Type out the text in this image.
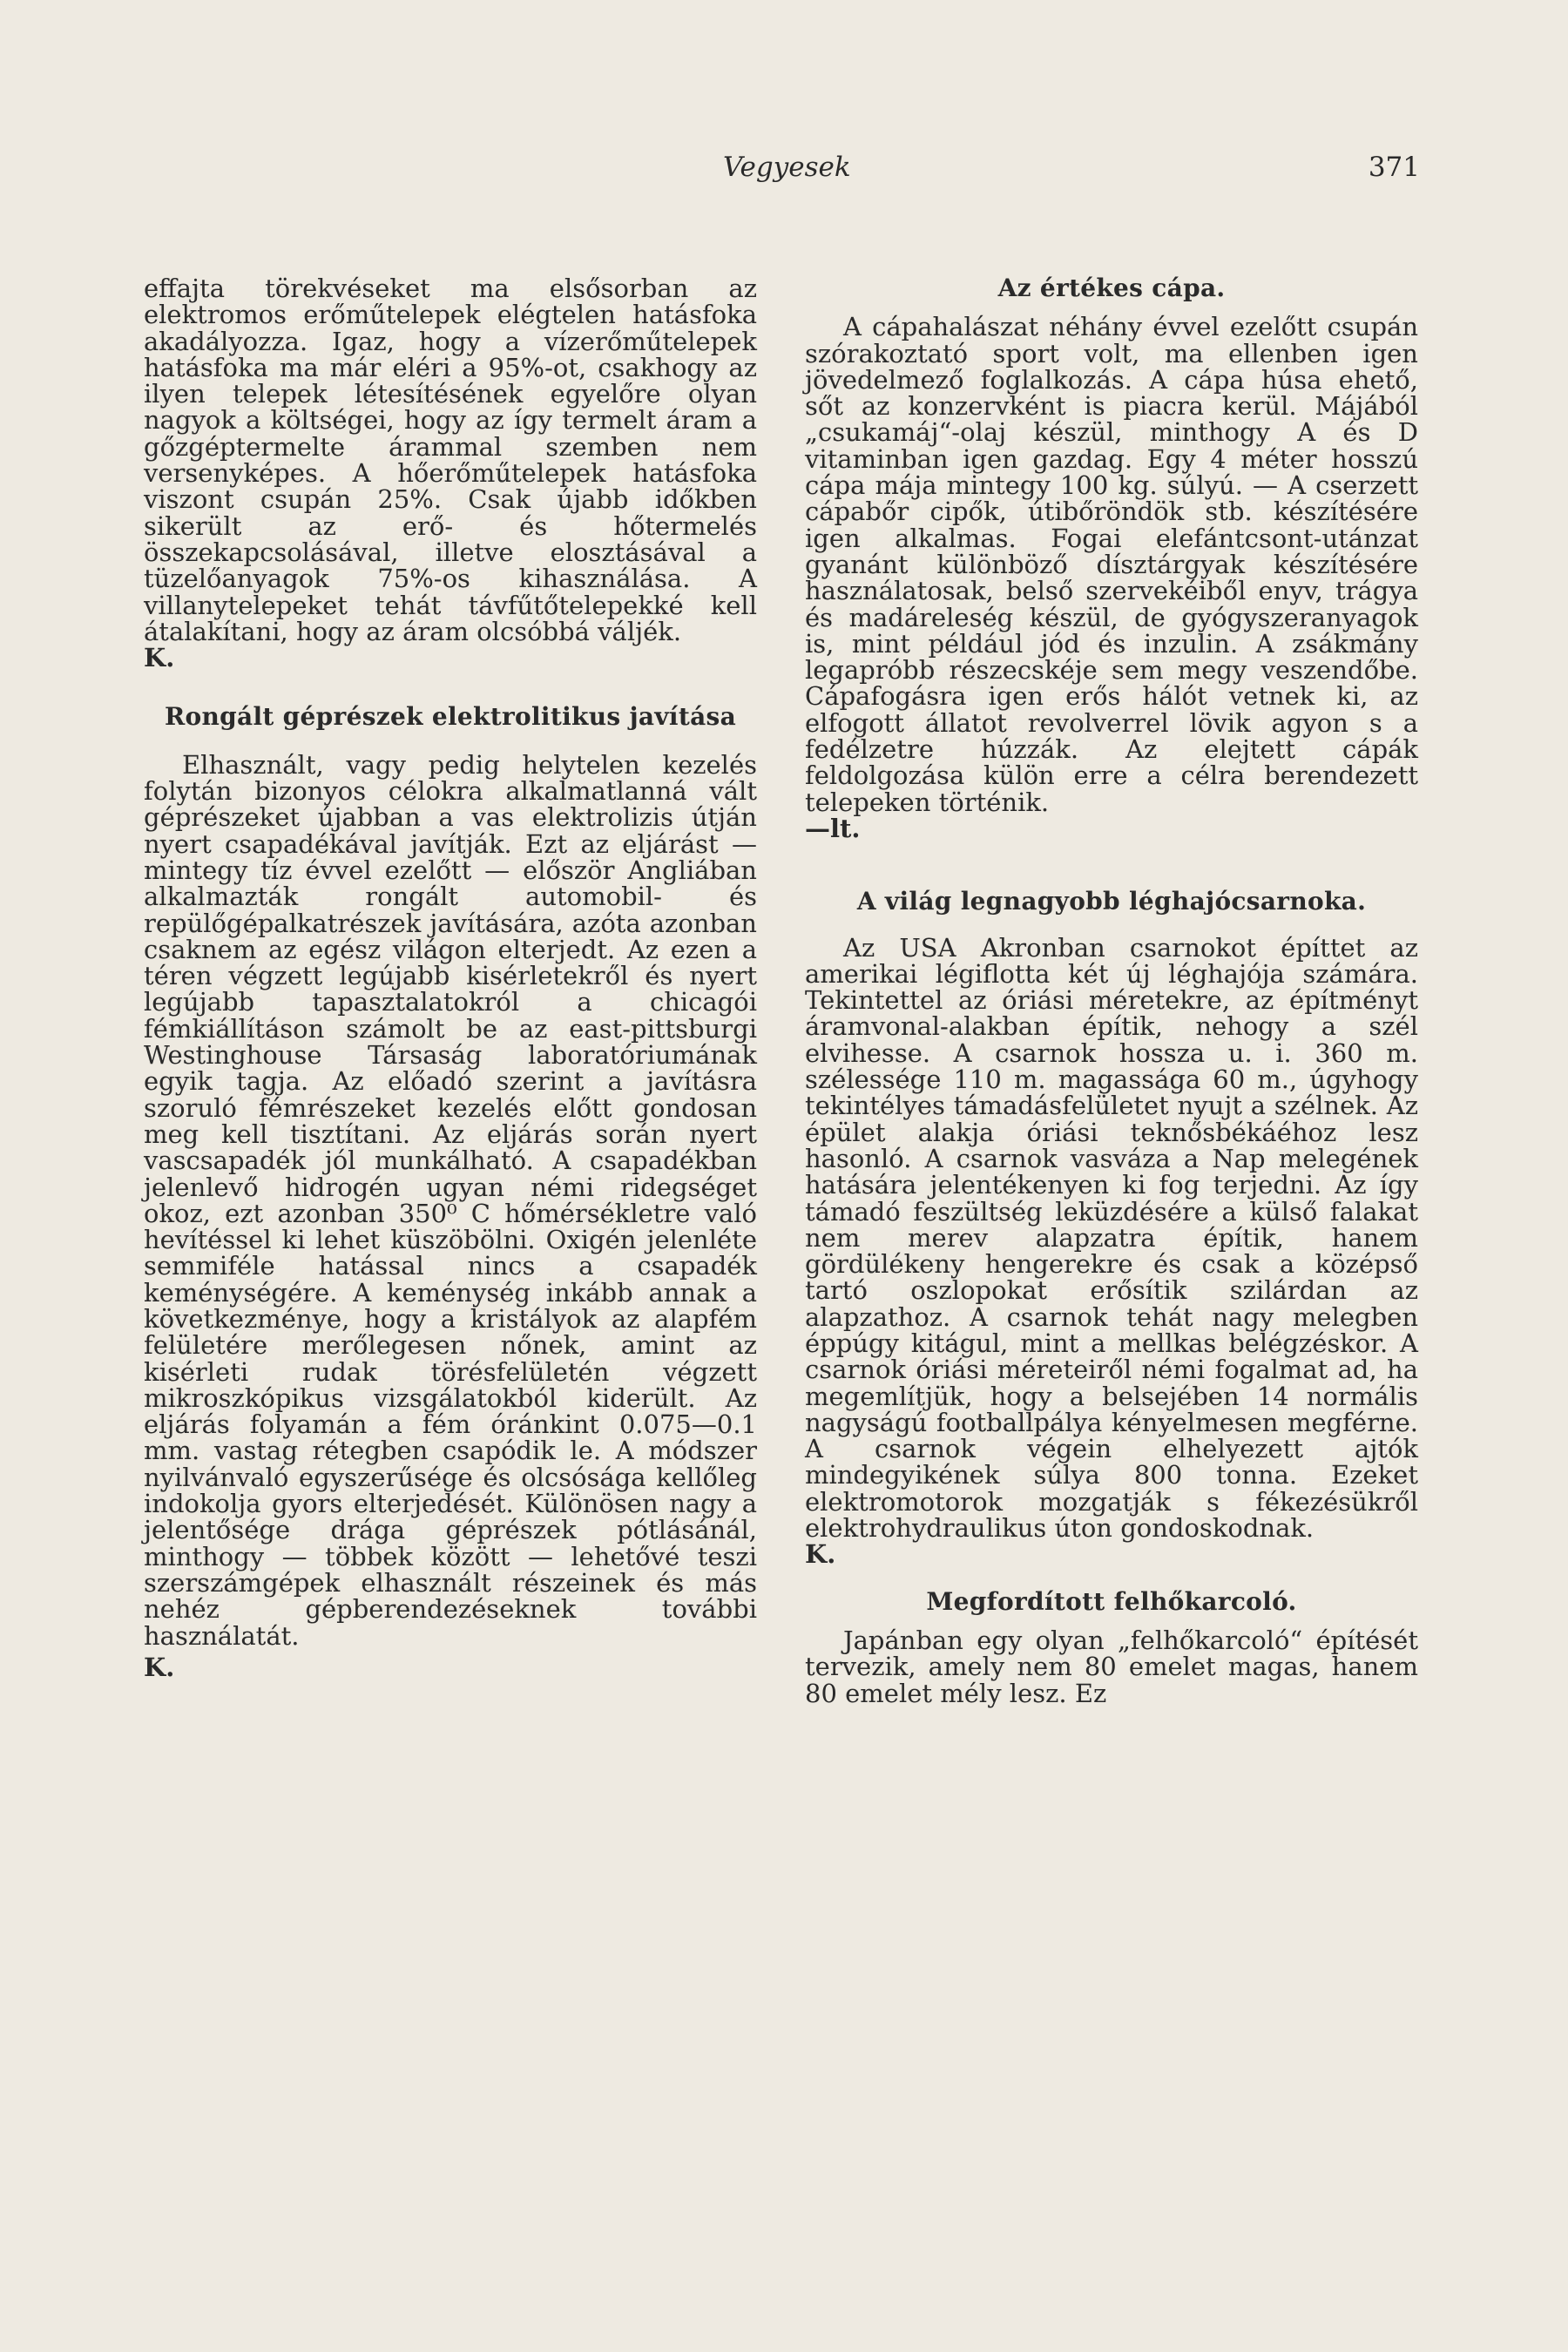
Vegyesek	371

effajta törekvéseket ma elsősorban az elektromos erőműtelepek elégtelen hatásfoka akadályozza. Igaz, hogy a vízerőműtelepek hatásfoka ma már eléri a 95%-ot, csakhogy az ilyen telepek létesítésének egyelőre olyan nagyok a költségei, hogy az így termelt áram a gőzgéptermelte árammal szemben nem versenyképes. A hőerőműtelepek hatásfoka viszont csupán 25%. Csak újabb időkben sikerült az erő- és hőtermelés összekapcsolásával, illetve elosztásával a tüzelőanyagok 75%-os kihasználása. A villanytelepeket tehát távfűtőtelepekké kell átalakítani, hogy az áram olcsóbbá váljék.

K.

Rongált géprészek elektrolitikus javítása

Elhasznált, vagy pedig helytelen kezelés folytán bizonyos célokra alkalmatlanná vált géprészeket újabban a vas elektrolizis útján nyert csapadékával javítják. Ezt az eljárást — mintegy tíz évvel ezelőtt — először Angliában alkalmazták rongált automobil- és repülőgépalkatrészek javítására, azóta azonban csaknem az egész világon elterjedt. Az ezen a téren végzett legújabb kisérletekről és nyert legújabb tapasztalatokról a chicagói fémkiállításon számolt be az east-pittsburgi Westinghouse Társaság laboratóriumának egyik tagja. Az előadó szerint a javításra szoruló fémrészeket kezelés előtt gondosan meg kell tisztítani. Az eljárás során nyert vascsapadék jól munkálható. A csapadékban jelenlevő hidrogén ugyan némi ridegséget okoz, ezt azonban 350⁰ C hőmérsékletre való hevítéssel ki lehet küszöbölni. Oxigén jelenléte semmiféle hatással nincs a csapadék keménységére. A keménység inkább annak a következménye, hogy a kristályok az alapfém felületére merőlegesen nőnek, amint az kisérleti rudak törésfelületén végzett mikroszkópikus vizsgálatokból kiderült. Az eljárás folyamán a fém óránkint 0.075—0.1 mm. vastag rétegben csapódik le. A módszer nyilvánvaló egyszerűsége és olcsósága kellőleg indokolja gyors elterjedését. Különösen nagy a jelentősége drága géprészek pótlásánál, minthogy — többek között — lehetővé teszi szerszámgépek elhasznált részeinek és más nehéz gépberendezéseknek további használatát.

K.

Az értékes cápa.

A cápahalászat néhány évvel ezelőtt csupán szórakoztató sport volt, ma ellenben igen jövedelmező foglalkozás. A cápa húsa ehető, sőt az konzervként is piacra kerül. Májából „csukamáj“-olaj készül, minthogy A és D vitaminban igen gazdag. Egy 4 méter hosszú cápa mája mintegy 100 kg. súlyú. — A cserzett cápabőr cipők, útibőröndök stb. készítésére igen alkalmas. Fogai elefántcsont-utánzat gyanánt különböző dísztárgyak készítésére használatosak, belső szervekéiből enyv, trágya és madáreleség készül, de gyógyszeranyagok is, mint például jód és inzulin. A zsákmány legapróbb részecskéje sem megy veszendőbe. Cápafogásra igen erős hálót vetnek ki, az elfogott állatot revolverrel lövik agyon s a fedélzetre húzzák. Az elejtett cápák feldolgozása külön erre a célra berendezett telepeken történik.

—lt.

A világ legnagyobb léghajócsarnoka.

Az USA Akronban csarnokot építtet az amerikai légiflotta két új léghajója számára. Tekintettel az óriási méretekre, az építményt áramvonal-alakban építik, nehogy a szél elvihesse. A csarnok hossza u. i. 360 m. szélessége 110 m. magassága 60 m., úgyhogy tekintélyes támadásfelületet nyujt a szélnek. Az épület alakja óriási teknősbékáéhoz lesz hasonló. A csarnok vasváza a Nap melegének hatására jelentékenyen ki fog terjedni. Az így támadó feszültség leküzdésére a külső falakat nem merev alapzatra építik, hanem gördülékeny hengerekre és csak a középső tartó oszlopokat erősítik szilárdan az alapzathoz. A csarnok tehát nagy melegben éppúgy kitágul, mint a mellkas belégzéskor. A csarnok óriási méreteiről némi fogalmat ad, ha megemlítjük, hogy a belsejében 14 normális nagyságú footballpálya kényelmesen megférne. A csarnok végein elhelyezett ajtók mindegyikének súlya 800 tonna. Ezeket elektromotorok mozgatják s fékezésükről elektrohydraulikus úton gondoskodnak.

K.

Megfordított felhőkarcoló.

Japánban egy olyan „felhőkarcoló“ építését tervezik, amely nem 80 emelet magas, hanem 80 emelet mély lesz. Ez
